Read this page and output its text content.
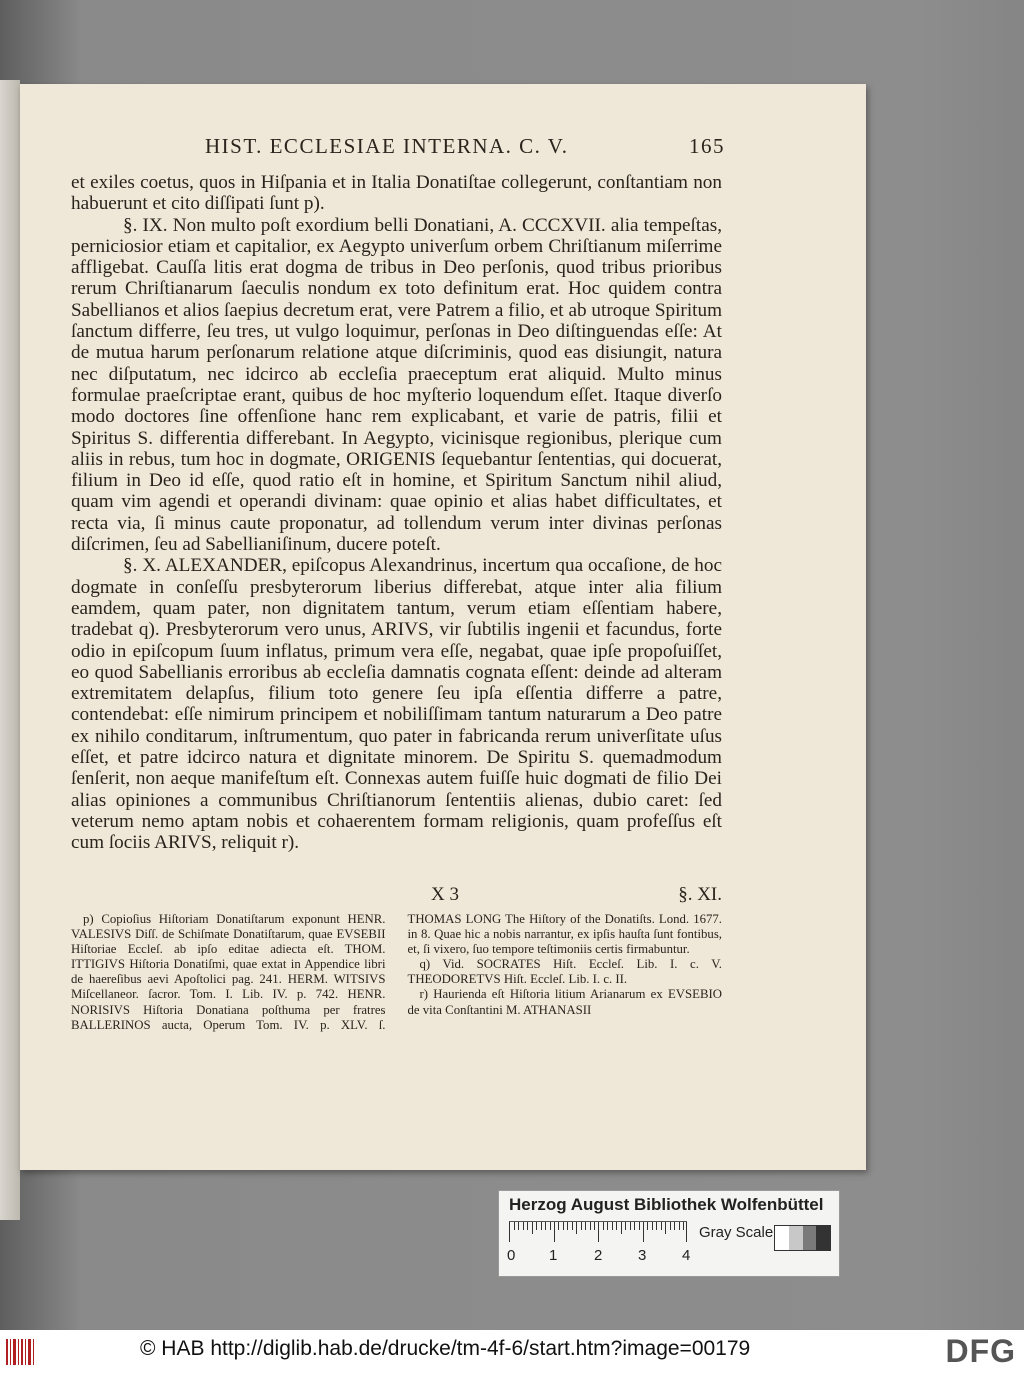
HIST. ECCLESIAE INTERNA. C. V.	165

et exiles coetus, quos in Hiſpania et in Italia Donatiſtae collegerunt, conſtantiam non habuerunt et cito diſſipati ſunt p).

§. IX. Non multo poſt exordium belli Donatiani, A. CCCXVII. alia tempeſtas, perniciosior etiam et capitalior, ex Aegypto univerſum orbem Chriſtianum miſerrime affligebat. Cauſſa litis erat dogma de tribus in Deo perſonis, quod tribus prioribus rerum Chriſtianarum ſaeculis nondum ex toto definitum erat. Hoc quidem contra Sabellianos et alios ſaepius decretum erat, vere Patrem a filio, et ab utroque Spiritum ſanctum differre, ſeu tres, ut vulgo loquimur, perſonas in Deo diſtinguendas eſſe: At de mutua harum perſonarum relatione atque diſcriminis, quod eas disiungit, natura nec diſputatum, nec idcirco ab eccleſia praeceptum erat aliquid. Multo minus formulae praeſcriptae erant, quibus de hoc myſterio loquendum eſſet. Itaque diverſo modo doctores ſine offenſione hanc rem explicabant, et varie de patris, filii et Spiritus S. differentia differebant. In Aegypto, vicinisque regionibus, plerique cum aliis in rebus, tum hoc in dogmate, ORIGENIS ſequebantur ſententias, qui docuerat, filium in Deo id eſſe, quod ratio eſt in homine, et Spiritum Sanctum nihil aliud, quam vim agendi et operandi divinam: quae opinio et alias habet difficultates, et recta via, ſi minus caute proponatur, ad tollendum verum inter divinas perſonas diſcrimen, ſeu ad Sabellianiſinum, ducere poteſt.

§. X. ALEXANDER, epiſcopus Alexandrinus, incertum qua occaſione, de hoc dogmate in conſeſſu presbyterorum liberius differebat, atque inter alia filium eamdem, quam pater, non dignitatem tantum, verum etiam eſſentiam habere, tradebat q). Presbyterorum vero unus, ARIVS, vir ſubtilis ingenii et facundus, forte odio in epiſcopum ſuum inflatus, primum vera eſſe, negabat, quae ipſe propoſuiſſet, eo quod Sabellianis erroribus ab eccleſia damnatis cognata eſſent: deinde ad alteram extremitatem delapſus, filium toto genere ſeu ipſa eſſentia differre a patre, contendebat: eſſe nimirum principem et nobiliſſimam tantum naturarum a Deo patre ex nihilo conditarum, inſtrumentum, quo pater in fabricanda rerum univerſitate uſus eſſet, et patre idcirco natura et dignitate minorem. De Spiritu S. quemadmodum ſenſerit, non aeque manifeſtum eſt. Connexas autem fuiſſe huic dogmati de filio Dei alias opiniones a communibus Chriſtianorum ſententiis alienas, dubio caret: ſed veterum nemo aptam nobis et cohaerentem formam religionis, quam profeſſus eſt cum ſociis ARIVS, reliquit r).

X 3	§. XI.

p) Copioſius Hiſtoriam Donatiſtarum exponunt HENR. VALESIVS Diſſ. de Schiſmate Donatiſtarum, quae EVSEBII Hiſtoriae Eccleſ. ab ipſo editae adiecta eſt. THOM. ITTIGIVS Hiſtoria Donatiſmi, quae extat in Appendice libri de haereſibus aevi Apoſtolici pag. 241. HERM. WITSIVS Miſcellaneor. ſacror. Tom. I. Lib. IV. p. 742. HENR. NORISIVS Hiſtoria Donatiana poſthuma per fratres BALLERINOS aucta, Operum Tom. IV. p. XLV. ſ. THOMAS LONG The Hiſtory of the Donatiſts. Lond. 1677. in 8. Quae hic a nobis narrantur, ex ipſis hauſta ſunt fontibus, et, ſi vixero, ſuo tempore teſtimoniis certis firmabuntur.

q) Vid. SOCRATES Hiſt. Eccleſ. Lib. I. c. V. THEODORETVS Hiſt. Eccleſ. Lib. I. c. II.

r) Haurienda eſt Hiſtoria litium Arianarum ex EVSEBIO de vita Conſtantini M. ATHANASII

Herzog August Bibliothek Wolfenbüttel
0 1 2 3 4
Gray Scale
© HAB http://diglib.hab.de/drucke/tm-4f-6/start.htm?image=00179	DFG
